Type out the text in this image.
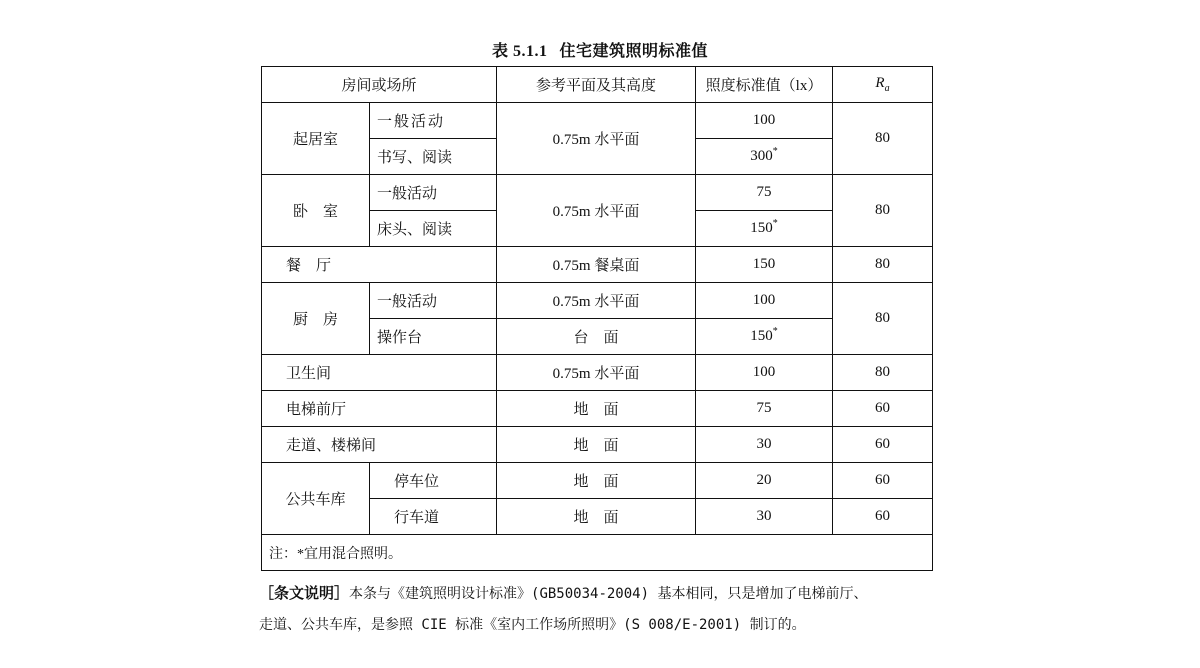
表 5.1.1 住宅建筑照明标准值
房间或场所		参考平面及其高度	照度标准值（lx）	$R_a$
起居室	一般活动	0.75m 水平面	100	80
	书写、阅读		300*
卧　室	一般活动	0.75m 水平面	75	80
	床头、阅读		150*
餐　厅		0.75m 餐桌面	150	80
厨　房	一般活动	0.75m 水平面	100	80
	操作台	台　面	150*
卫生间		0.75m 水平面	100	80
电梯前厅		地　面	75	60
走道、楼梯间		地　面	30	60
公共车库	停车位	地　面	20	60
	行车道	地　面	30	60
注：*宜用混合照明。				
［条文说明］本条与《建筑照明设计标准》(GB50034-2004) 基本相同，只是增加了电梯前厅、
走道、公共车库，是参照 CIE 标准《室内工作场所照明》(S 008/E-2001) 制订的。
